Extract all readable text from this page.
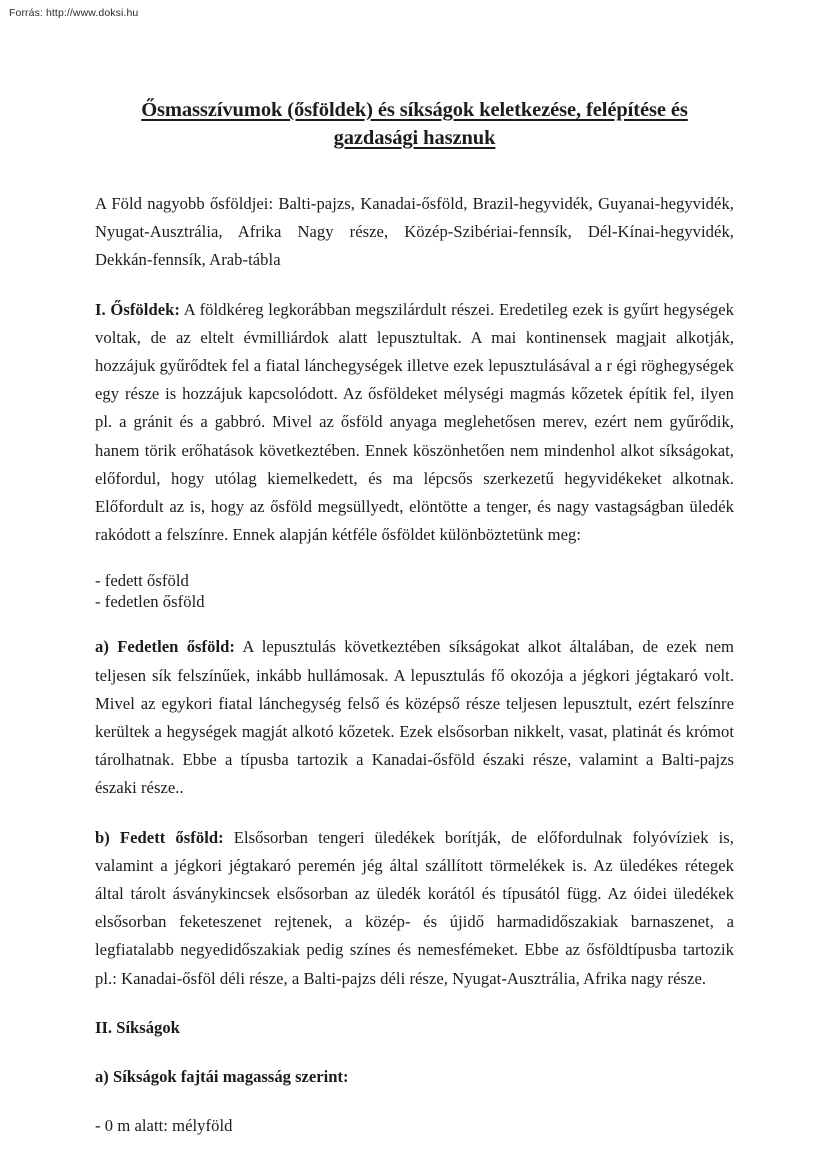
Forrás: http://www.doksi.hu
Ősmasszívumok (ősföldek) és síkságok keletkezése, felépítése és gazdasági hasznuk

A Föld nagyobb ősföldjei: Balti-pajzs, Kanadai-ősföld, Brazil-hegyvidék, Guyanai-hegyvidék, Nyugat-Ausztrália, Afrika Nagy része, Közép-Szibériai-fennsík, Dél-Kínai-hegyvidék, Dekkán-fennsík, Arab-tábla

I. Ősföldek: A földkéreg legkorábban megszilárdult részei. Eredetileg ezek is gyűrt hegységek voltak, de az eltelt évmilliárdok alatt lepusztultak. A mai kontinensek magjait alkotják, hozzájuk gyűrődtek fel a fiatal lánchegységek illetve ezek lepusztulásával a r égi röghegységek egy része is hozzájuk kapcsolódott. Az ősföldeket mélységi magmás kőzetek építik fel, ilyen pl. a gránit és a gabbró. Mivel az ősföld anyaga meglehetősen merev, ezért nem gyűrődik, hanem törik erőhatások következtében. Ennek köszönhetően nem mindenhol alkot síkságokat, előfordul, hogy utólag kiemelkedett, és ma lépcsős szerkezetű hegyvidékeket alkotnak. Előfordult az is, hogy az ősföld megsüllyedt, elöntötte a tenger, és nagy vastagságban üledék rakódott a felszínre. Ennek alapján kétféle ősföldet különböztetünk meg:

- fedett ősföld
- fedetlen ősföld

a) Fedetlen ősföld: A lepusztulás következtében síkságokat alkot általában, de ezek nem teljesen sík felszínűek, inkább hullámosak. A lepusztulás fő okozója a jégkori jégtakaró volt. Mivel az egykori fiatal lánchegység felső és középső része teljesen lepusztult, ezért felszínre kerültek a hegységek magját alkotó kőzetek. Ezek elsősorban nikkelt, vasat, platinát és krómot tárolhatnak. Ebbe a típusba tartozik a Kanadai-ősföld északi része, valamint a Balti-pajzs északi része..

b) Fedett ősföld: Elsősorban tengeri üledékek borítják, de előfordulnak folyóvíziek is, valamint a jégkori jégtakaró peremén jég által szállított törmelékek is. Az üledékes rétegek által tárolt ásványkincsek elsősorban az üledék korától és típusától függ. Az óidei üledékek elsősorban feketeszenet rejtenek, a közép- és újidő harmadidőszakiak barnaszenet, a legfiatalabb negyedidőszakiak pedig színes és nemesfémeket. Ebbe az ősföldtípusba tartozik pl.: Kanadai-ősföl déli része, a Balti-pajzs déli része, Nyugat-Ausztrália, Afrika nagy része.

II. Síkságok

a) Síkságok fajtái magasság szerint:

- 0 m alatt: mélyföld
